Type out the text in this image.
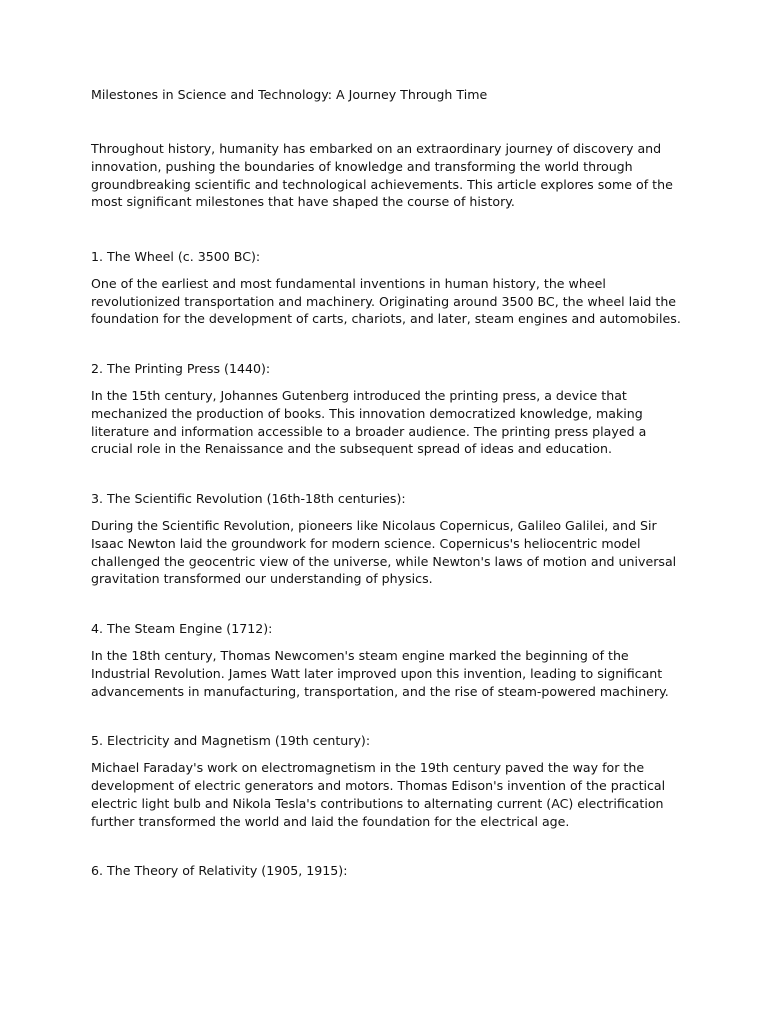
Milestones in Science and Technology: A Journey Through Time

Throughout history, humanity has embarked on an extraordinary journey of discovery and innovation, pushing the boundaries of knowledge and transforming the world through groundbreaking scientific and technological achievements. This article explores some of the most significant milestones that have shaped the course of history.

1. The Wheel (c. 3500 BC):

One of the earliest and most fundamental inventions in human history, the wheel revolutionized transportation and machinery. Originating around 3500 BC, the wheel laid the foundation for the development of carts, chariots, and later, steam engines and automobiles.

2. The Printing Press (1440):

In the 15th century, Johannes Gutenberg introduced the printing press, a device that mechanized the production of books. This innovation democratized knowledge, making literature and information accessible to a broader audience. The printing press played a crucial role in the Renaissance and the subsequent spread of ideas and education.

3. The Scientific Revolution (16th-18th centuries):

During the Scientific Revolution, pioneers like Nicolaus Copernicus, Galileo Galilei, and Sir Isaac Newton laid the groundwork for modern science. Copernicus's heliocentric model challenged the geocentric view of the universe, while Newton's laws of motion and universal gravitation transformed our understanding of physics.

4. The Steam Engine (1712):

In the 18th century, Thomas Newcomen's steam engine marked the beginning of the Industrial Revolution. James Watt later improved upon this invention, leading to significant advancements in manufacturing, transportation, and the rise of steam-powered machinery.

5. Electricity and Magnetism (19th century):

Michael Faraday's work on electromagnetism in the 19th century paved the way for the development of electric generators and motors. Thomas Edison's invention of the practical electric light bulb and Nikola Tesla's contributions to alternating current (AC) electrification further transformed the world and laid the foundation for the electrical age.

6. The Theory of Relativity (1905, 1915):
